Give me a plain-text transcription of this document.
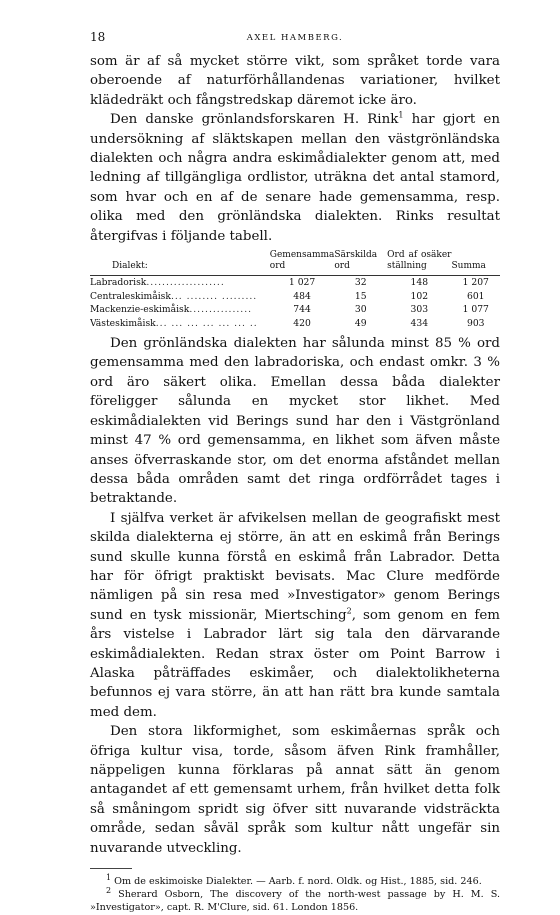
18	AXEL HAMBERG.

som är af så mycket större vikt, som språket torde vara oberoende af naturförhållandenas variationer, hvilket klädedräkt och fångstredskap däremot icke äro.

Den danske grönlandsforskaren H. Rink$^1$ har gjort en undersökning af släktskapen mellan den västgrönländska dialekten och några andra eskimådialekter genom att, med ledning af tillgängliga ordlistor, uträkna det antal stamord, som hvar och en af de senare hade gemensamma, resp. olika med den grönländska dialekten. Rinks resultat återgifvas i följande tabell.

Dialekt:	Gemensamma ord	Särskilda ord	Ord af osäker ställning	Summa
Labradorisk....................	1 027	32	148	1 207
Centraleskimåisk... ........ .........	484	15	102	601
Mackenzie-eskimåisk................	744	30	303	1 077
Västeskimåisk... ... ... ... ... ... ..	420	49	434	903

Den grönländska dialekten har sålunda minst 85 % ord gemensamma med den labradoriska, och endast omkr. 3 % ord äro säkert olika. Emellan dessa båda dialekter föreligger sålunda en mycket stor likhet. Med eskimådialekten vid Berings sund har den i Västgrönland minst 47 % ord gemensamma, en likhet som äfven måste anses öfverraskande stor, om det enorma afståndet mellan dessa båda områden samt det ringa ordförrådet tages i betraktande.

I själfva verket är afvikelsen mellan de geografiskt mest skilda dialekterna ej större, än att en eskimå från Berings sund skulle kunna förstå en eskimå från Labrador. Detta har för öfrigt praktiskt bevisats. Mac Clure medförde nämligen på sin resa med »Investigator» genom Berings sund en tysk missionär, Miertsching$^2$, som genom en fem års vistelse i Labrador lärt sig tala den därvarande eskimådialekten. Redan strax öster om Point Barrow i Alaska påträffades eskimåer, och dialektolikheterna befunnos ej vara större, än att han rätt bra kunde samtala med dem.

Den stora likformighet, som eskimåernas språk och öfriga kultur visa, torde, såsom äfven Rink framhåller, näppeligen kunna förklaras på annat sätt än genom antagandet af ett gemensamt urhem, från hvilket detta folk så småningom spridt sig öfver sitt nuvarande vidsträckta område, sedan såväl språk som kultur nått ungefär sin nuvarande utveckling.

$^1$ Om de eskimoiske Dialekter. — Aarb. f. nord. Oldk. og Hist., 1885, sid. 246.

$^2$ Sherard Osborn, The discovery of the north-west passage by H. M. S. »Investigator», capt. R. M'Clure, sid. 61. London 1856.
